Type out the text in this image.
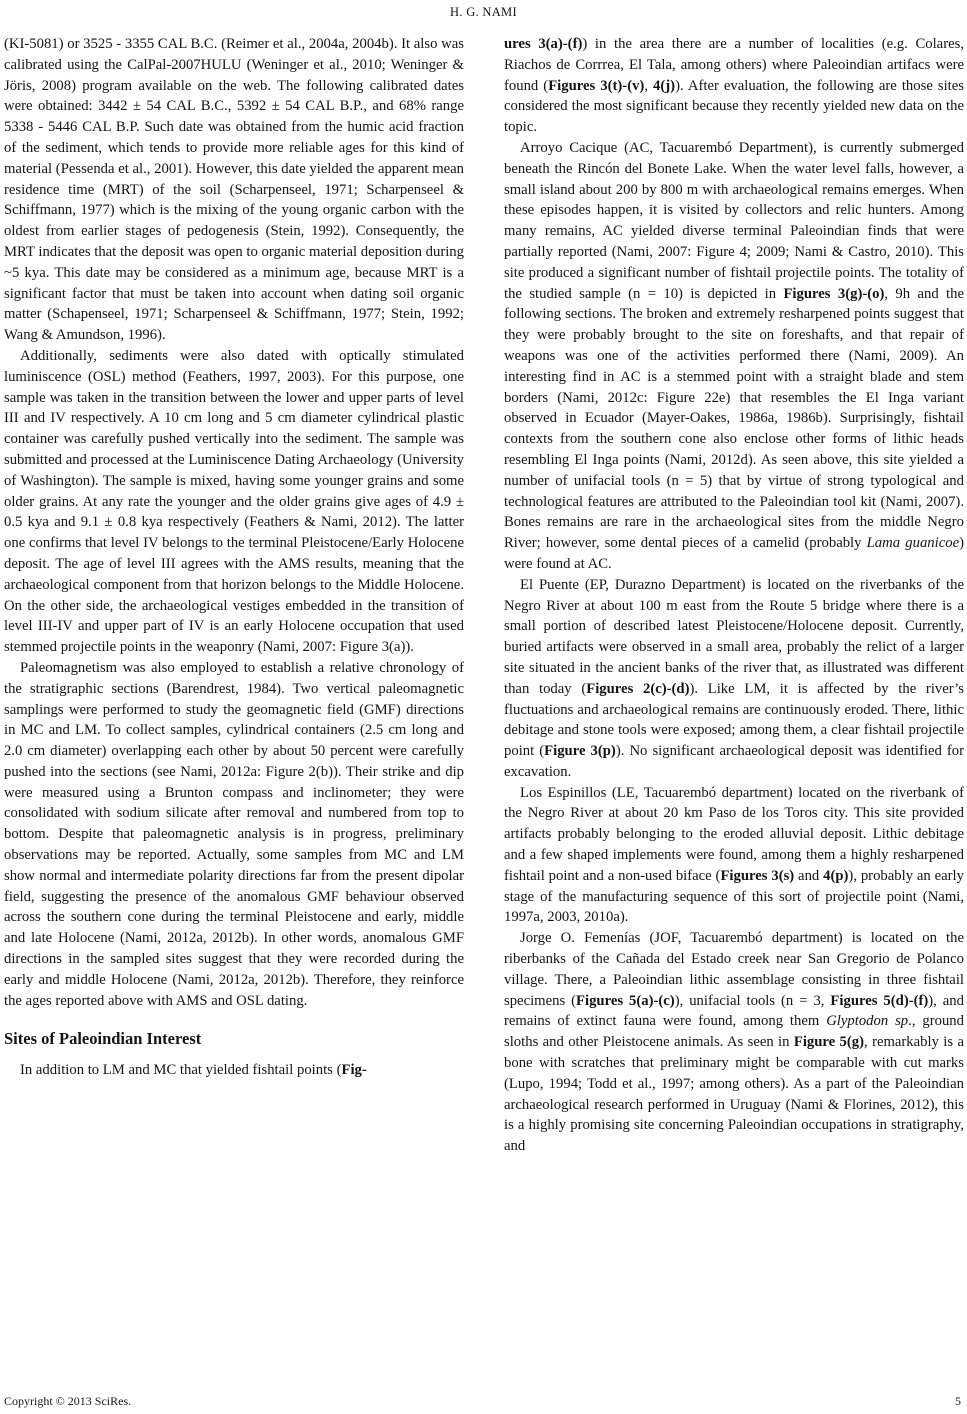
H. G. NAMI

(KI-5081) or 3525 - 3355 CAL B.C. (Reimer et al., 2004a, 2004b). It also was calibrated using the CalPal-2007HULU (Weninger et al., 2010; Weninger & Jöris, 2008) program available on the web. The following calibrated dates were obtained: 3442 ± 54 CAL B.C., 5392 ± 54 CAL B.P., and 68% range 5338 - 5446 CAL B.P. Such date was obtained from the humic acid fraction of the sediment, which tends to provide more reliable ages for this kind of material (Pessenda et al., 2001). However, this date yielded the apparent mean residence time (MRT) of the soil (Scharpenseel, 1971; Scharpenseel & Schiffmann, 1977) which is the mixing of the young organic carbon with the oldest from earlier stages of pedogenesis (Stein, 1992). Consequently, the MRT indicates that the deposit was open to organic material deposition during ~5 kya. This date may be considered as a minimum age, because MRT is a significant factor that must be taken into account when dating soil organic matter (Schapenseel, 1971; Scharpenseel & Schiffmann, 1977; Stein, 1992; Wang & Amundson, 1996).

Additionally, sediments were also dated with optically stimulated luminiscence (OSL) method (Feathers, 1997, 2003). For this purpose, one sample was taken in the transition between the lower and upper parts of level III and IV respectively. A 10 cm long and 5 cm diameter cylindrical plastic container was carefully pushed vertically into the sediment. The sample was submitted and processed at the Luminiscence Dating Archaeology (University of Washington). The sample is mixed, having some younger grains and some older grains. At any rate the younger and the older grains give ages of 4.9 ± 0.5 kya and 9.1 ± 0.8 kya respectively (Feathers & Nami, 2012). The latter one confirms that level IV belongs to the terminal Pleistocene/Early Holocene deposit. The age of level III agrees with the AMS results, meaning that the archaeological component from that horizon belongs to the Middle Holocene. On the other side, the archaeological vestiges embedded in the transition of level III-IV and upper part of IV is an early Holocene occupation that used stemmed projectile points in the weaponry (Nami, 2007: Figure 3(a)).

Paleomagnetism was also employed to establish a relative chronology of the stratigraphic sections (Barendrest, 1984). Two vertical paleomagnetic samplings were performed to study the geomagnetic field (GMF) directions in MC and LM. To collect samples, cylindrical containers (2.5 cm long and 2.0 cm diameter) overlapping each other by about 50 percent were carefully pushed into the sections (see Nami, 2012a: Figure 2(b)). Their strike and dip were measured using a Brunton compass and inclinometer; they were consolidated with sodium silicate after removal and numbered from top to bottom. Despite that paleomagnetic analysis is in progress, preliminary observations may be reported. Actually, some samples from MC and LM show normal and intermediate polarity directions far from the present dipolar field, suggesting the presence of the anomalous GMF behaviour observed across the southern cone during the terminal Pleistocene and early, middle and late Holocene (Nami, 2012a, 2012b). In other words, anomalous GMF directions in the sampled sites suggest that they were recorded during the early and middle Holocene (Nami, 2012a, 2012b). Therefore, they reinforce the ages reported above with AMS and OSL dating.

Sites of Paleoindian Interest

In addition to LM and MC that yielded fishtail points (Fig-

ures 3(a)-(f)) in the area there are a number of localities (e.g. Colares, Riachos de Corrrea, El Tala, among others) where Paleoindian artifacs were found (Figures 3(t)-(v), 4(j)). After evaluation, the following are those sites considered the most significant because they recently yielded new data on the topic.

Arroyo Cacique (AC, Tacuarembó Department), is currently submerged beneath the Rincón del Bonete Lake. When the water level falls, however, a small island about 200 by 800 m with archaeological remains emerges. When these episodes happen, it is visited by collectors and relic hunters. Among many remains, AC yielded diverse terminal Paleoindian finds that were partially reported (Nami, 2007: Figure 4; 2009; Nami & Castro, 2010). This site produced a significant number of fishtail projectile points. The totality of the studied sample (n = 10) is depicted in Figures 3(g)-(o), 9h and the following sections. The broken and extremely resharpened points suggest that they were probably brought to the site on foreshafts, and that repair of weapons was one of the activities performed there (Nami, 2009). An interesting find in AC is a stemmed point with a straight blade and stem borders (Nami, 2012c: Figure 22e) that resembles the El Inga variant observed in Ecuador (Mayer-Oakes, 1986a, 1986b). Surprisingly, fishtail contexts from the southern cone also enclose other forms of lithic heads resembling El Inga points (Nami, 2012d). As seen above, this site yielded a number of unifacial tools (n = 5) that by virtue of strong typological and technological features are attributed to the Paleoindian tool kit (Nami, 2007). Bones remains are rare in the archaeological sites from the middle Negro River; however, some dental pieces of a camelid (probably Lama guanicoe) were found at AC.

El Puente (EP, Durazno Department) is located on the riverbanks of the Negro River at about 100 m east from the Route 5 bridge where there is a small portion of described latest Pleistocene/Holocene deposit. Currently, buried artifacts were observed in a small area, probably the relict of a larger site situated in the ancient banks of the river that, as illustrated was different than today (Figures 2(c)-(d)). Like LM, it is affected by the river’s fluctuations and archaeological remains are continuously eroded. There, lithic debitage and stone tools were exposed; among them, a clear fishtail projectile point (Figure 3(p)). No significant archaeological deposit was identified for excavation.

Los Espinillos (LE, Tacuarembó department) located on the riverbank of the Negro River at about 20 km Paso de los Toros city. This site provided artifacts probably belonging to the eroded alluvial deposit. Lithic debitage and a few shaped implements were found, among them a highly resharpened fishtail point and a non-used biface (Figures 3(s) and 4(p)), probably an early stage of the manufacturing sequence of this sort of projectile point (Nami, 1997a, 2003, 2010a).

Jorge O. Femenías (JOF, Tacuarembó department) is located on the riberbanks of the Cañada del Estado creek near San Gregorio de Polanco village. There, a Paleoindian lithic assemblage consisting in three fishtail specimens (Figures 5(a)-(c)), unifacial tools (n = 3, Figures 5(d)-(f)), and remains of extinct fauna were found, among them Glyptodon sp., ground sloths and other Pleistocene animals. As seen in Figure 5(g), remarkably is a bone with scratches that preliminary might be comparable with cut marks (Lupo, 1994; Todd et al., 1997; among others). As a part of the Paleoindian archaeological research performed in Uruguay (Nami & Florines, 2012), this is a highly promising site concerning Paleoindian occupations in stratigraphy, and

Copyright © 2013 SciRes.	5
